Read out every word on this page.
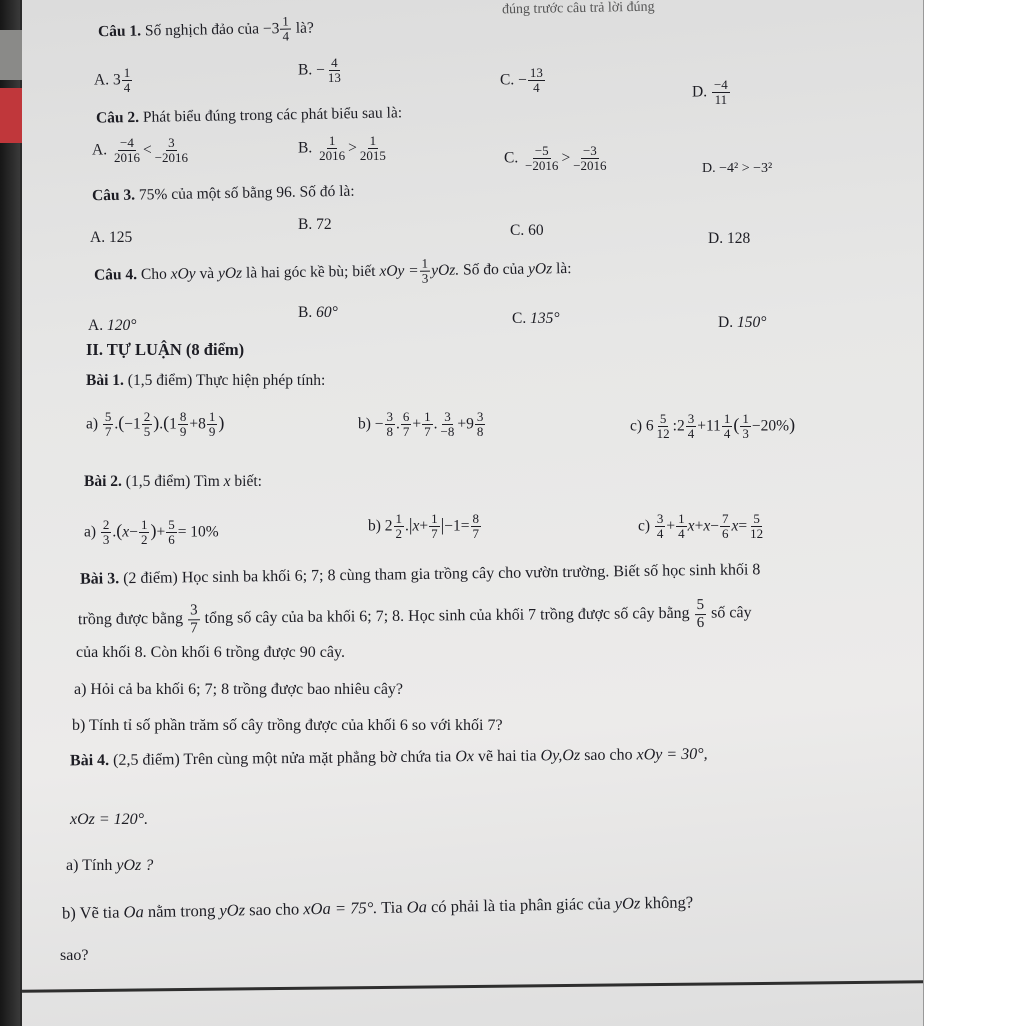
đúng trước câu trả lời đúng
Câu 1. Số nghịch đảo của $-3 \frac{1}{4}$ là?
A. $3 \frac{1}{4}$	B. − $\frac{4}{13}$	C. − $\frac{13}{4}$	D. $\frac{-4}{11}$
Câu 2. Phát biểu đúng trong các phát biểu sau là:
A. $\frac{-4}{2016} < \frac{3}{-2016}$	B. $\frac{1}{2016} > \frac{1}{2015}$	C. $\frac{-5}{-2016} > \frac{-3}{-2016}$	D. −4² > −3²
Câu 3. 75% của một số bằng 96. Số đó là:
A. 125
B. 72	C. 60	D. 128
Câu 4. Cho xOy và yOz là hai góc kề bù; biết xOy = $\frac{1}{3}$ yOz. Số đo của yOz là:
A. 120°
B. 60°	C. 135°	D. 150°
II. TỰ LUẬN (8 điểm)
Bài 1. (1,5 điểm) Thực hiện phép tính:
$a) \frac{5}{7} .(-1 \frac{2}{5} ).(1 \frac{8}{9} +8 \frac{1}{9}$ )	$b) - \frac{3}{8}$ . $\frac{6}{7} + \frac{1}{7}$ . $\frac{3}{-8} +9 \frac{3}{8}$	c) $6 \frac{5}{12}$ :2 $\frac{3}{4} +11 \frac{1}{4}$ ( $\frac{1}{3} -20\%$)
Bài 2. (1,5 điểm) Tìm x biết:
$a) \frac{2}{3} .(x- \frac{1}{2}$ )+ $\frac{5}{6} = 10\%$	b) $2 \frac{1}{2} .|x+ \frac{1}{7} |-1= \frac{8}{7}$	$c) \frac{3}{4} + \frac{1}{4} x+x- \frac{7}{6} x= \frac{5}{12}$
Bài 3. (2 điểm) Học sinh ba khối 6; 7; 8 cùng tham gia trồng cây cho vườn trường. Biết số học sinh khối 8
trồng được bằng $\frac{3}{7}$ tổng số cây của ba khối 6; 7; 8. Học sinh của khối 7 trồng được số cây bằng $\frac{5}{6}$ số cây
của khối 8. Còn khối 6 trồng được 90 cây.
a) Hỏi cả ba khối 6; 7; 8 trồng được bao nhiêu cây?
b) Tính tỉ số phần trăm số cây trồng được của khối 6 so với khối 7?
Bài 4. (2,5 điểm) Trên cùng một nửa mặt phẳng bờ chứa tia Ox vẽ hai tia Oy,Oz sao cho xOy = 30°,
xOz = 120°.
a) Tính yOz ?
b) Vẽ tia Oa nằm trong yOz sao cho xOa = 75°. Tia Oa có phải là tia phân giác của yOz không?
sao?
